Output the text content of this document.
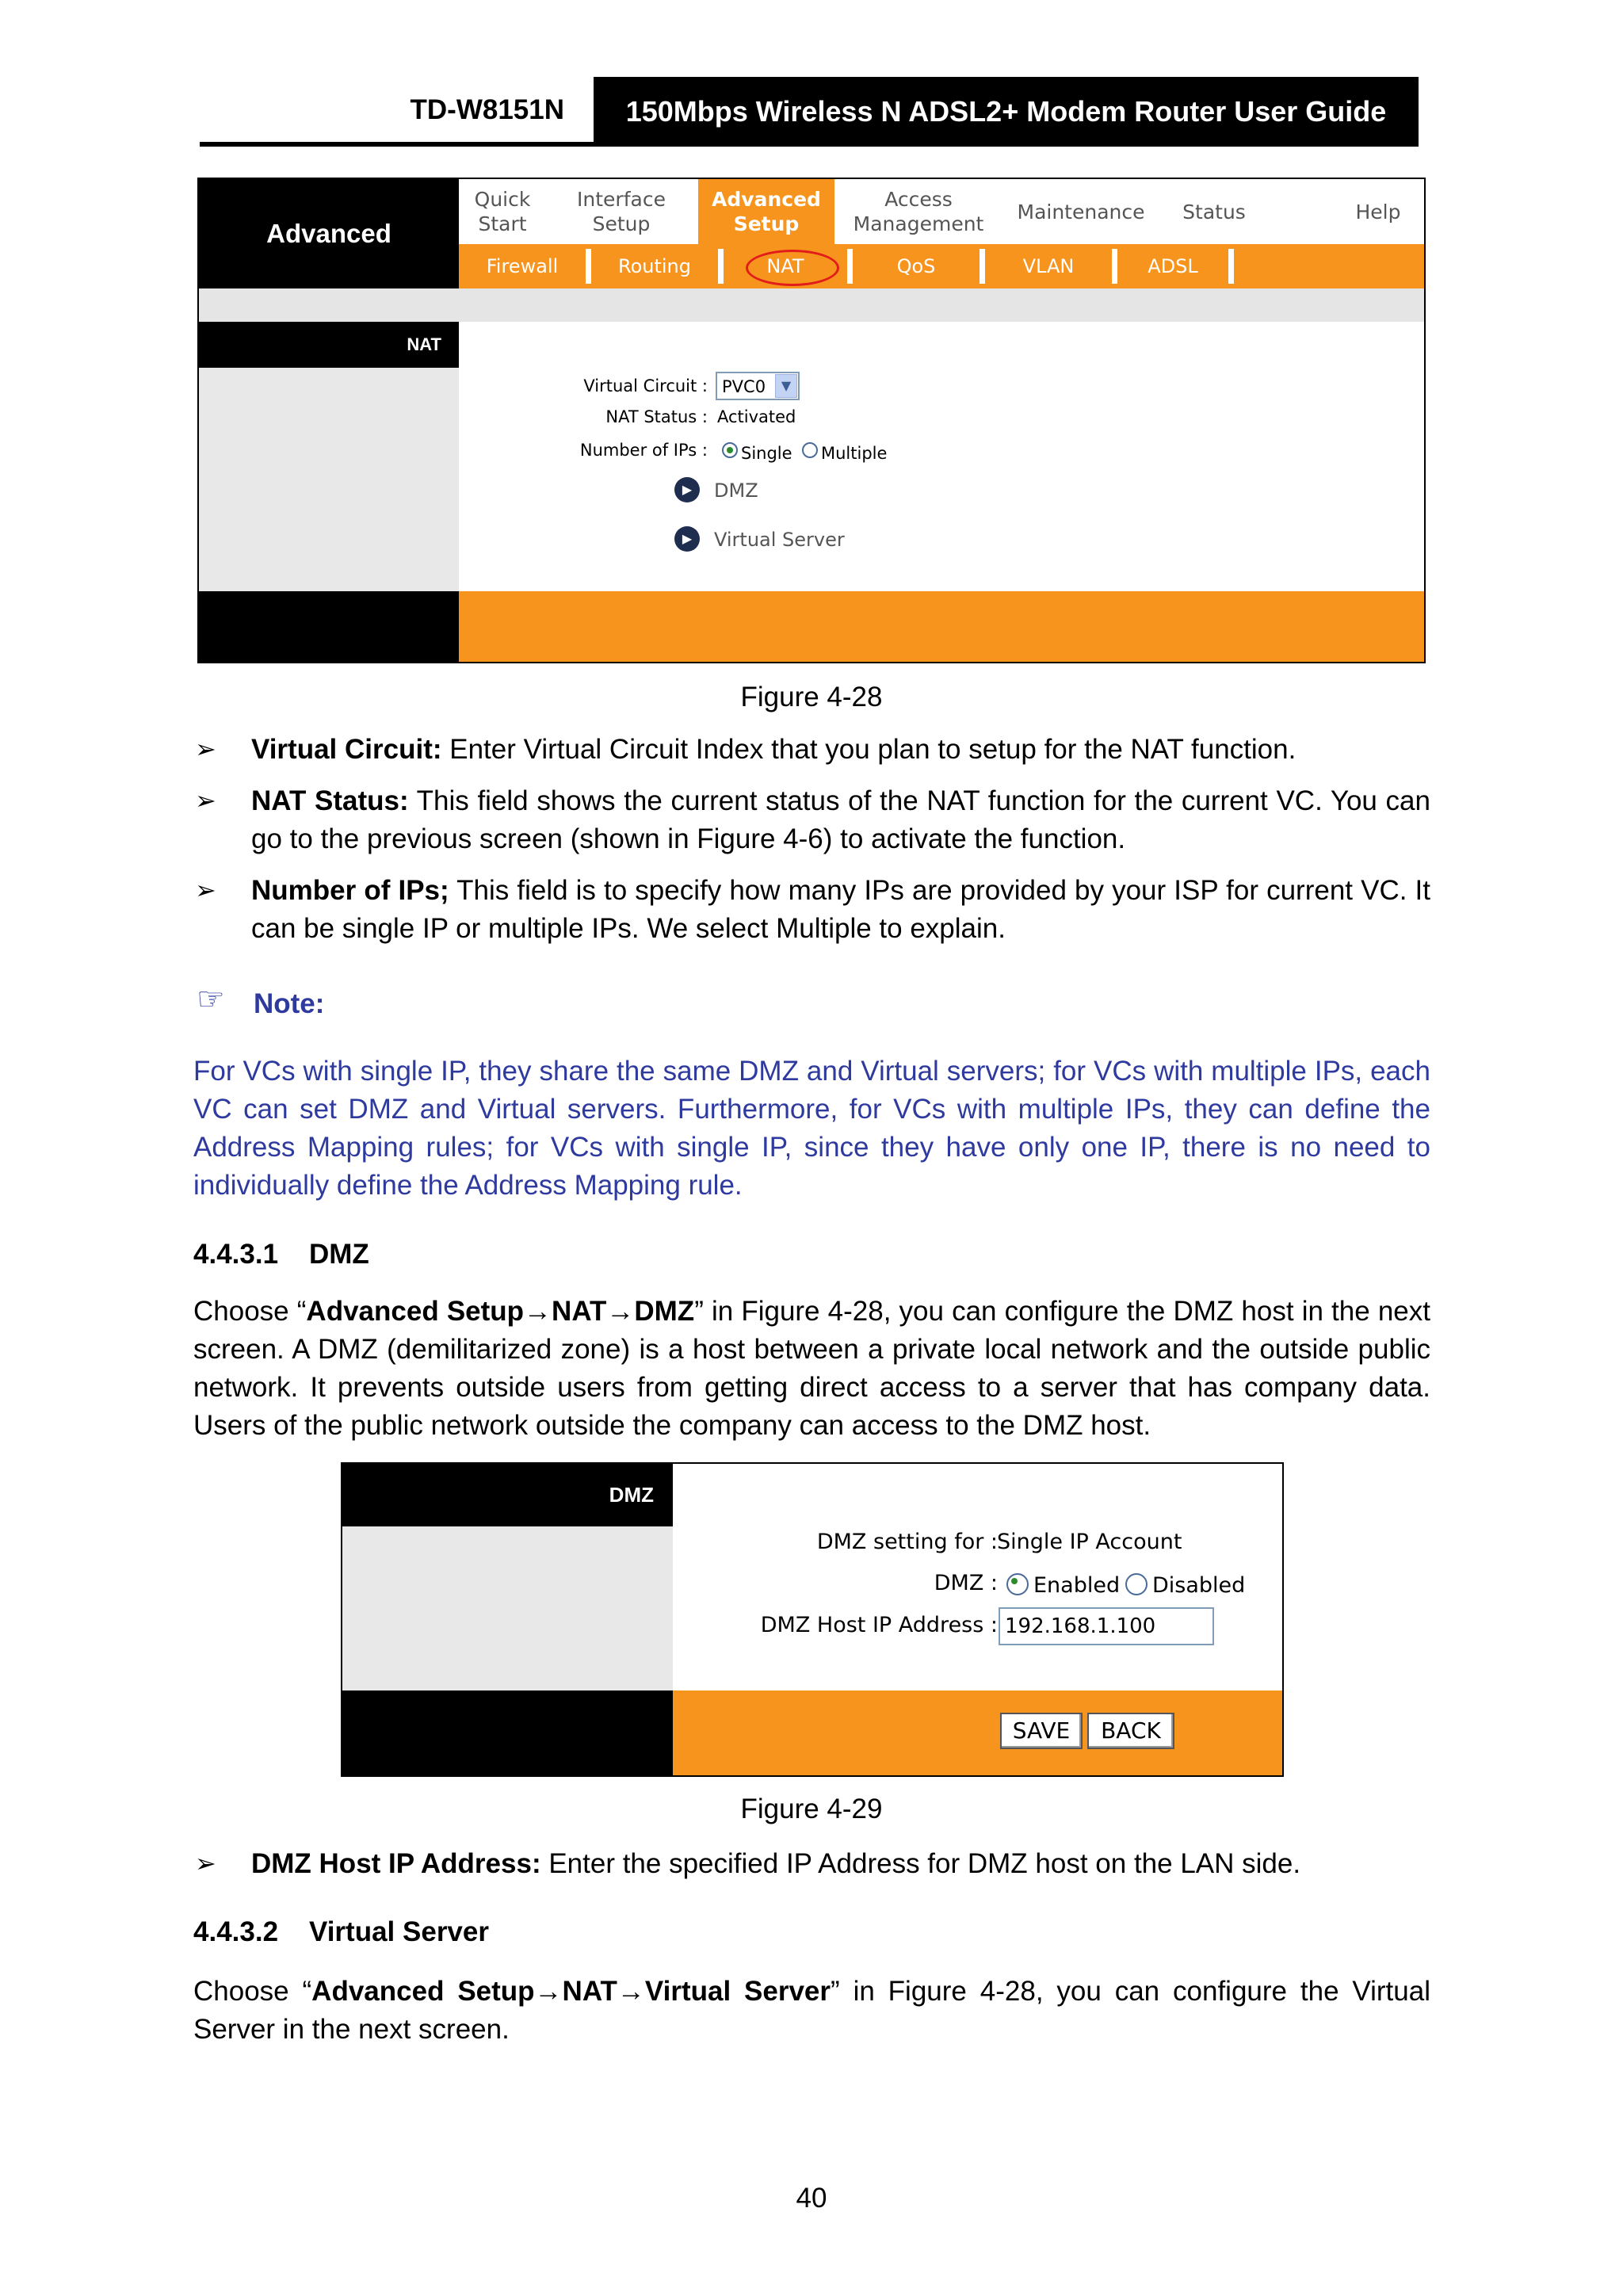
TD-W8151N	150Mbps Wireless N ADSL2+ Modem Router User Guide
Advanced
Quick
Start
Interface
Setup
Advanced
Setup
Access
Management
Maintenance	Status	Help
Firewall	Routing	NAT	QoS	VLAN	ADSL
NAT
Virtual Circuit : PVC0	▼
NAT Status : Activated
Number of IPs : Single Multiple
▶	DMZ
▶	Virtual Server
Figure 4-28
➢ Virtual Circuit: Enter Virtual Circuit Index that you plan to setup for the NAT function.
➢ NAT Status: This field shows the current status of the NAT function for the current VC. You can go to the previous screen (shown in Figure 4-6) to activate the function.
➢ Number of IPs; This field is to specify how many IPs are provided by your ISP for current VC. It can be single IP or multiple IPs. We select Multiple to explain.
☞ Note:
For VCs with single IP, they share the same DMZ and Virtual servers; for VCs with multiple IPs, each VC can set DMZ and Virtual servers. Furthermore, for VCs with multiple IPs, they can define the Address Mapping rules; for VCs with single IP, since they have only one IP, there is no need to individually define the Address Mapping rule.
4.4.3.1 DMZ
Choose “Advanced Setup→NAT→DMZ” in Figure 4-28, you can configure the DMZ host in the next screen. A DMZ (demilitarized zone) is a host between a private local network and the outside public network. It prevents outside users from getting direct access to a server that has company data. Users of the public network outside the company can access to the DMZ host.
DMZ
DMZ setting for : Single IP Account
DMZ : Enabled Disabled
DMZ Host IP Address : 192.168.1.100
SAVE	BACK
Figure 4-29
➢ DMZ Host IP Address: Enter the specified IP Address for DMZ host on the LAN side.
4.4.3.2 Virtual Server
Choose “Advanced Setup→NAT→Virtual Server” in Figure 4-28, you can configure the Virtual Server in the next screen.
40
